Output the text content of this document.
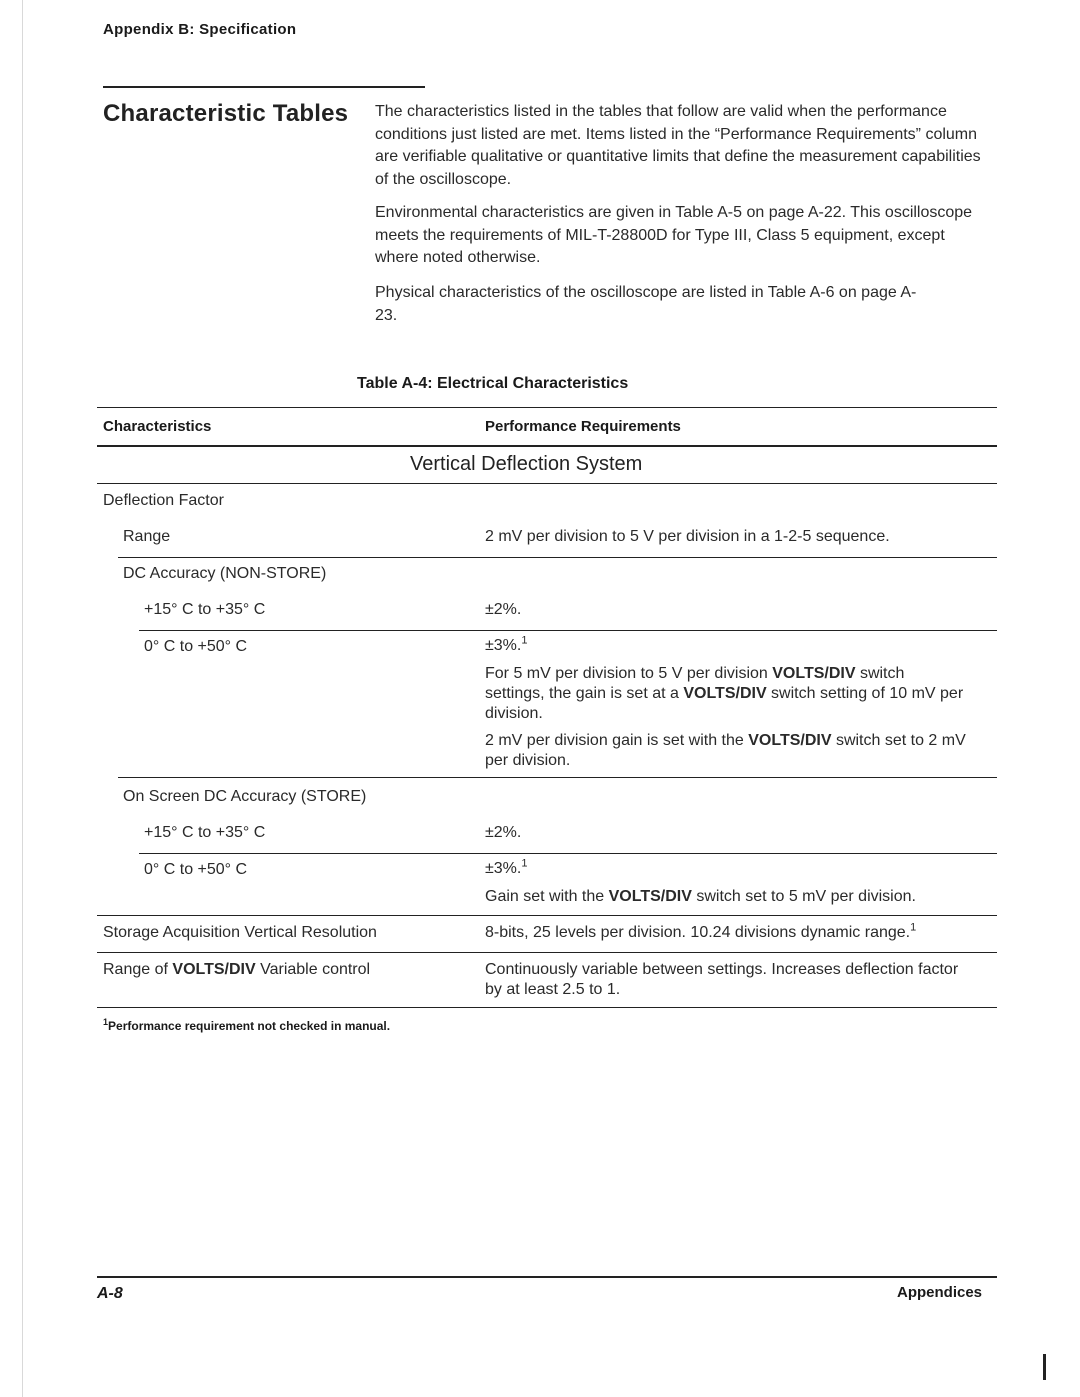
Appendix B: Specification
Characteristic Tables The characteristics listed in the tables that follow are valid when the performance conditions just listed are met. Items listed in the “Performance Requirements” column are verifiable qualitative or quantitative limits that define the measurement capabilities of the oscilloscope.
Environmental characteristics are given in Table A-5 on page A-22. This oscilloscope meets the requirements of MIL-T-28800D for Type III, Class 5 equipment, except where noted otherwise.
Physical characteristics of the oscilloscope are listed in Table A-6 on page A-23.
Table A-4: Electrical Characteristics
Characteristics	Performance Requirements
Vertical Deflection System
Deflection Factor
Range	2 mV per division to 5 V per division in a 1-2-5 sequence.
DC Accuracy (NON-STORE)
+15° C to +35° C	±2%.
0° C to +50° C	±3%.$^1$
For 5 mV per division to 5 V per division VOLTS/DIV switch settings, the gain is set at a VOLTS/DIV switch setting of 10 mV per division.
2 mV per division gain is set with the VOLTS/DIV switch set to 2 mV per division.
On Screen DC Accuracy (STORE)
+15° C to +35° C	±2%.
0° C to +50° C	±3%.$^1$
Gain set with the VOLTS/DIV switch set to 5 mV per division.
Storage Acquisition Vertical Resolution	8-bits, 25 levels per division. 10.24 divisions dynamic range.$^1$
Range of VOLTS/DIV Variable control	Continuously variable between settings. Increases deflection factor by at least 2.5 to 1.
$^1$Performance requirement not checked in manual.
A-8	Appendices
